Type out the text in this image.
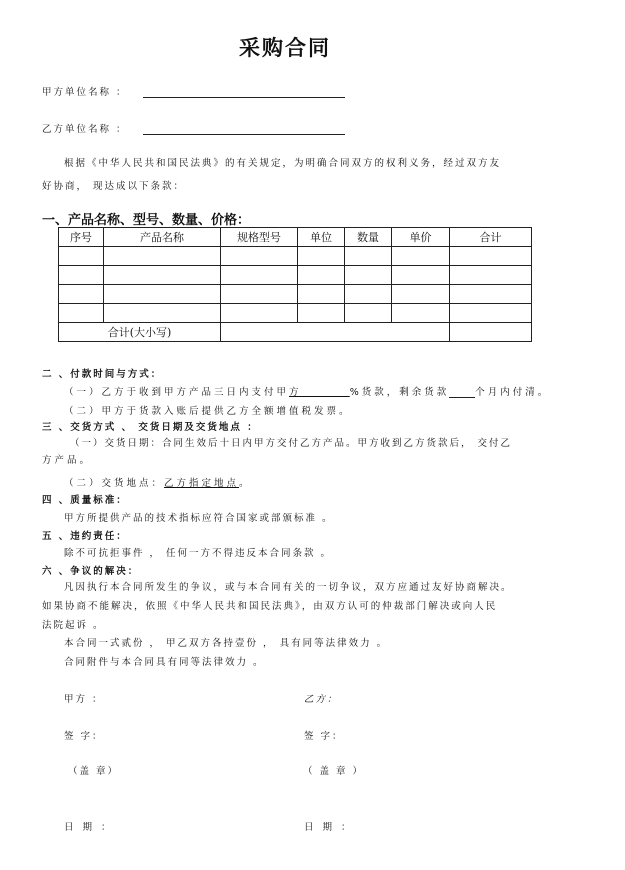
采购合同
甲方单位名称 ：
乙方单位名称 ：
根据《中华人民共和国民法典》的有关规定，为明确合同双方的权利义务，经过双方友
好协商， 现达成以下条款：
一、产品名称、型号、数量、价格：
序号	产品名称	规格型号	单位	数量	单价	合计

合计(大小写)						
二 、付款时间与方式：
（一）乙方于收到甲方产品三日内支付甲方	%货款，剩余货款	个月内付清。
（二）甲方于货款入账后提供乙方全额增值税发票。
三 、交货方式 、 交货日期及交货地点 ：
（一）交货日期：合同生效后十日内甲方交付乙方产品。甲方收到乙方货款后， 交付乙
方产品。
（二）交货地点：乙方指定地点。
四 、质量标准：
甲方所提供产品的技术指标应符合国家或部颁标准 。
五 、违约责任：
除不可抗拒事件 ， 任何一方不得违反本合同条款 。
六 、争议的解决：
凡因执行本合同所发生的争议，或与本合同有关的一切争议，双方应通过友好协商解决。
如果协商不能解决，依照《中华人民共和国民法典》，由双方认可的仲裁部门解决或向人民
法院起诉 。
本合同一式贰份 ， 甲乙双方各持壹份 ， 具有同等法律效力 。
合同附件与本合同具有同等法律效力 。
甲方 ：	乙方：
签 字：	签 字：
（盖 章）	（ 盖 章 ）
日 期 ：	日 期 ：
